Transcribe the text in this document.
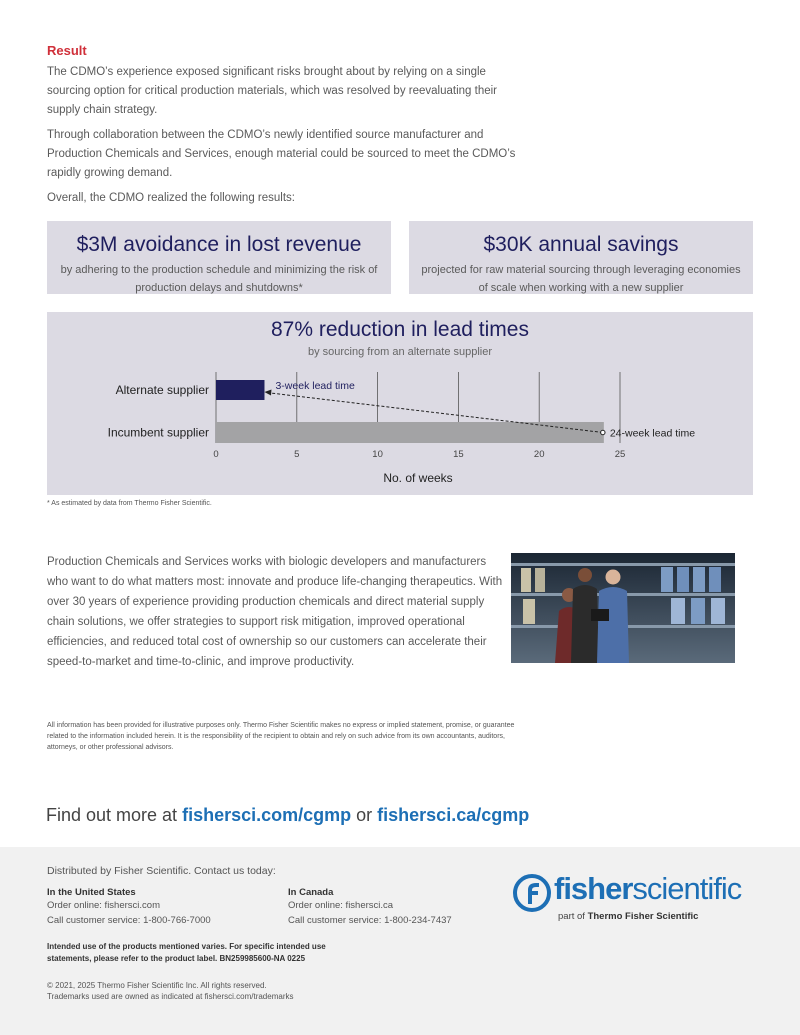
Result

The CDMO’s experience exposed significant risks brought about by relying on a single sourcing option for critical production materials, which was resolved by reevaluating their supply chain strategy.

Through collaboration between the CDMO’s newly identified source manufacturer and Production Chemicals and Services, enough material could be sourced to meet the CDMO’s rapidly growing demand.

Overall, the CDMO realized the following results:

$3M avoidance in lost revenue
by adhering to the production schedule and minimizing the risk of production delays and shutdowns*
$30K annual savings
projected for raw material sourcing through leveraging economies of scale when working with a new supplier
87% reduction in lead times
by sourcing from an alternate supplier
0	5	10	15	20	25
Alternate supplier
Incumbent supplier
3-week lead time
24-week lead time
No. of weeks
* As estimated by data from Thermo Fisher Scientific.

Production Chemicals and Services works with biologic developers and manufacturers who want to do what matters most: innovate and produce life-changing therapeutics. With over 30 years of experience providing production chemicals and direct material supply chain solutions, we offer strategies to support risk mitigation, improved operational efficiencies, and reduced total cost of ownership so our customers can accelerate their speed-to-market and time-to-clinic, and improve productivity.

All information has been provided for illustrative purposes only. Thermo Fisher Scientific makes no express or implied statement, promise, or guarantee related to the information included herein. It is the responsibility of the recipient to obtain and rely on such advice from its own accountants, auditors, attorneys, or other professional advisors.

Find out more at fishersci.com/cgmp or fishersci.ca/cgmp
Distributed by Fisher Scientific. Contact us today:
In the United States
Order online: fishersci.com
Call customer service: 1-800-766-7000
In Canada
Order online: fishersci.ca
Call customer service: 1-800-234-7437

Intended use of the products mentioned varies. For specific intended use statements, please refer to the product label. BN259985600-NA 0225

© 2021, 2025 Thermo Fisher Scientific Inc. All rights reserved.
Trademarks used are owned as indicated at fishersci.com/trademarks

fisherscientific
part of Thermo Fisher Scientific
